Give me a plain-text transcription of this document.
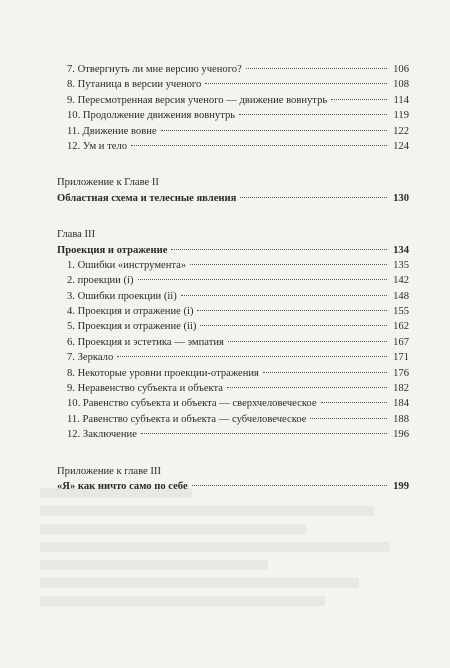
7. Отвергнуть ли мне версию ученого?	106
8. Путаница в версии ученого	108
9. Пересмотренная версия ученого — движение вовнутрь	114
10. Продолжение движения вовнутрь	119
11. Движение вовне	122
12. Ум и тело	124
Приложение к Главе II
Областная схема и телесные явления	130
Глава III
Проекция и отражение	134
1. Ошибки «инструмента»	135
2. проекции (i)	142
3. Ошибки проекции (ii)	148
4. Проекция и отражение (i)	155
5. Проекция и отражение (ii)	162
6. Проекция и эстетика — эмпатия	167
7. Зеркало	171
8. Некоторые уровни проекции-отражения	176
9. Неравенство субъекта и объекта	182
10. Равенство субъекта и объекта — сверхчеловеческое	184
11. Равенство субъекта и объекта — субчеловеческое	188
12. Заключение	196
Приложение к главе III
«Я» как ничто само по себе	199
